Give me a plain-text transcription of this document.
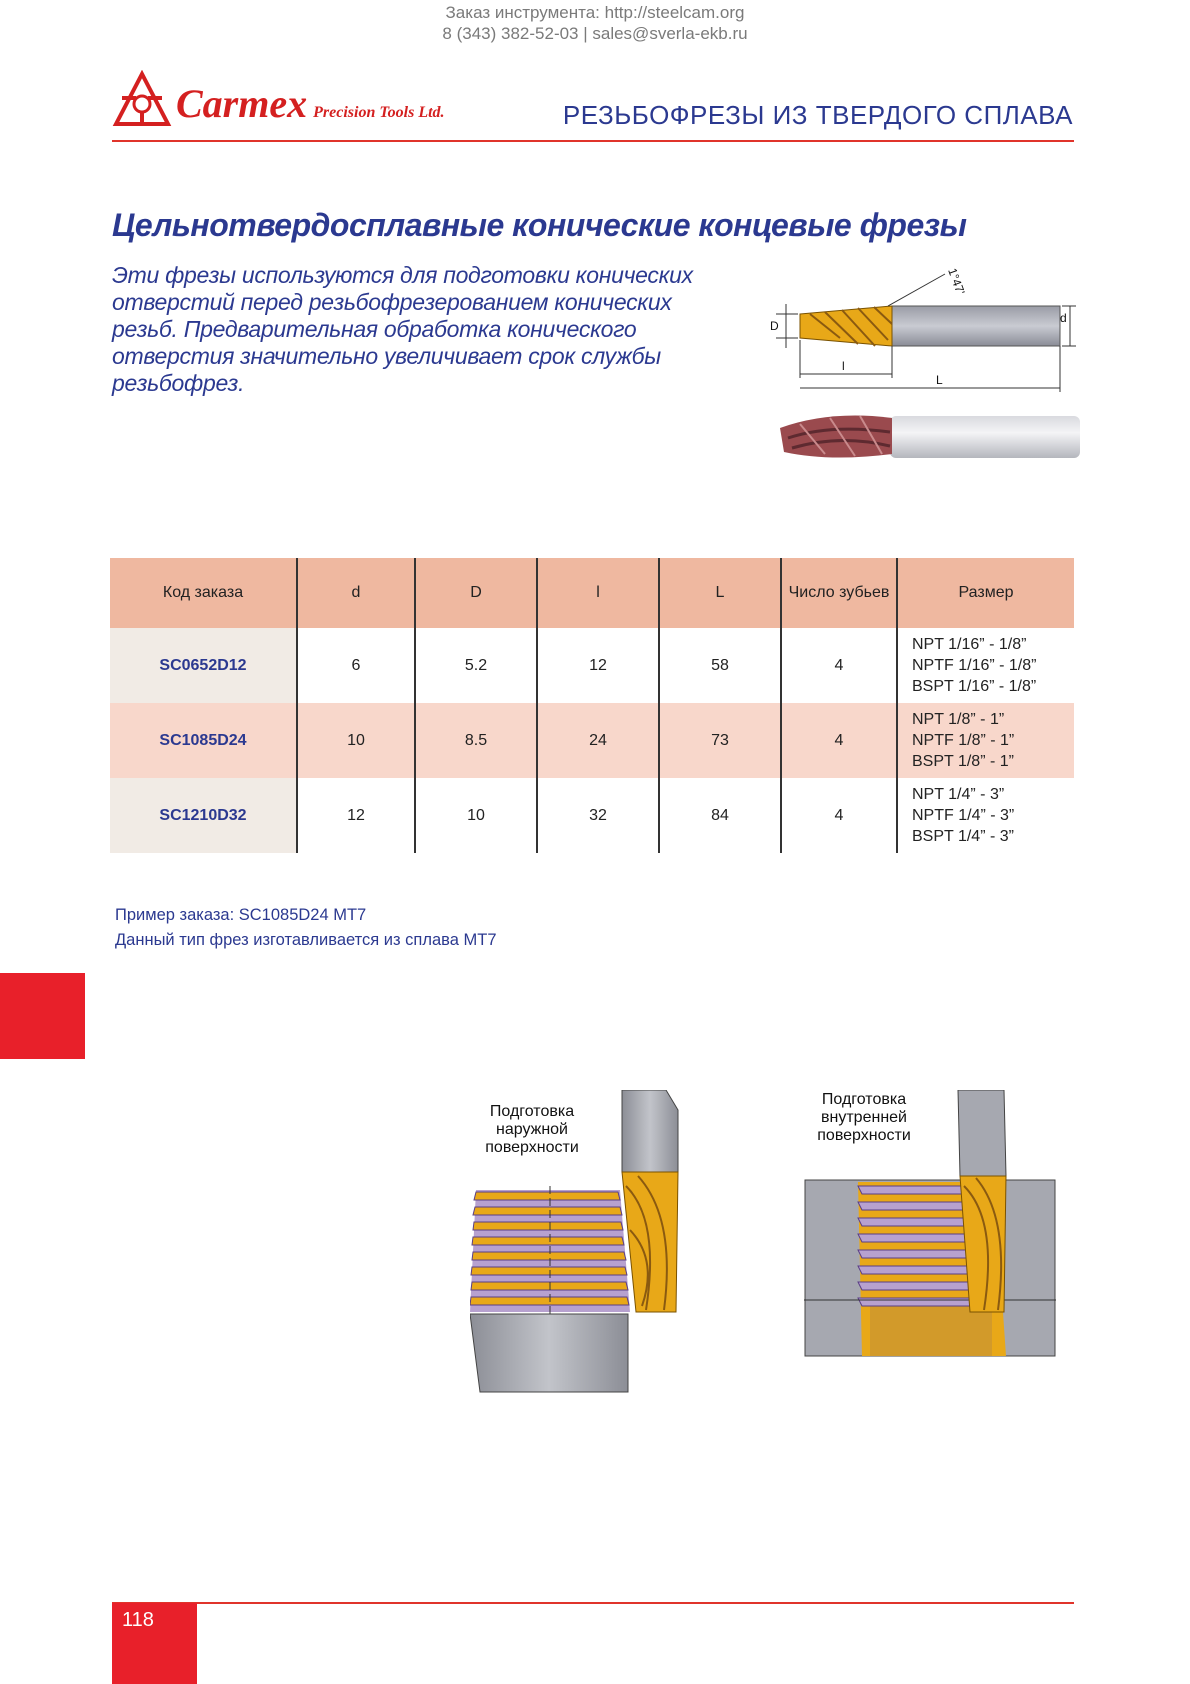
Заказ инструмента: http://steelcam.org
8 (343) 382-52-03 | sales@sverla-ekb.ru
Carmex Precision Tools Ltd.	РЕЗЬБОФРЕЗЫ ИЗ ТВЕРДОГО СПЛАВА
Цельнотвердосплавные конические концевые фрезы
Эти фрезы используются для подготовки конических
отверстий перед резьбофрезерованием конических
резьб. Предварительная обработка конического
отверстия значительно увеличивает срок службы
резьбофрез.
1°47'
D
d
l
L
Код заказа	d	D	l	L	Число зубьев	Размер
SC0652D12	6	5.2	12	58	4	NPT 1/16” - 1/8”
NPTF 1/16” - 1/8”
BSPT 1/16” - 1/8”

SC1085D24	10	8.5	24	73	4	NPT 1/8” - 1”
NPTF 1/8” - 1”
BSPT 1/8” - 1”

SC1210D32	12	10	32	84	4	NPT 1/4” - 3”
NPTF 1/4” - 3”
BSPT 1/4” - 3”
Пример заказа: SC1085D24 MT7
Данный тип фрез изготавливается из сплава MT7
Подготовка
наружной
поверхности
Подготовка
внутренней
поверхности
118
